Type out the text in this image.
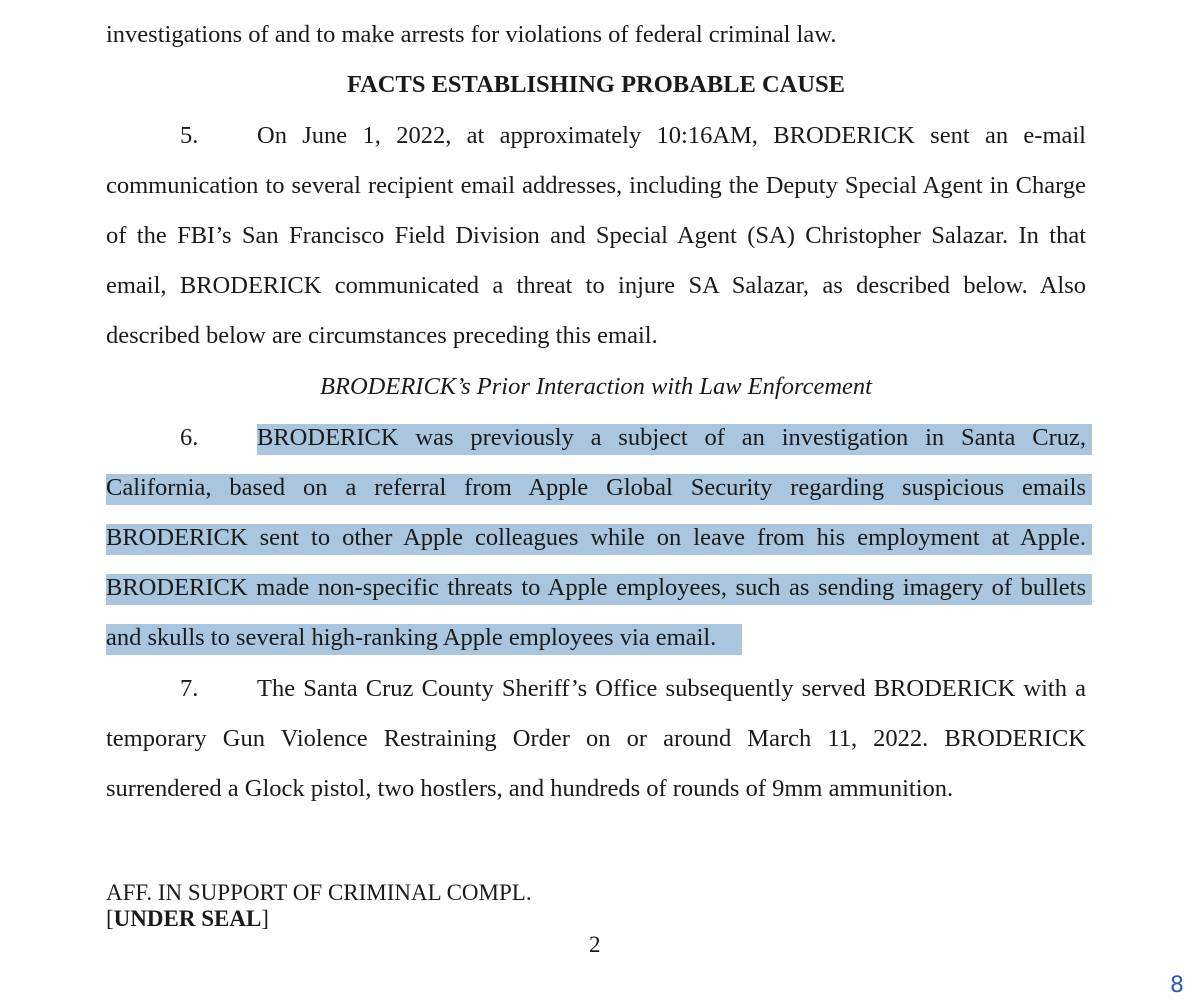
investigations of and to make arrests for violations of federal criminal law.
FACTS ESTABLISHING PROBABLE CAUSE
5. On June 1, 2022, at approximately 10:16AM, BRODERICK sent an e-mail
communication to several recipient email addresses, including the Deputy Special Agent in Charge
of the FBI’s San Francisco Field Division and Special Agent (SA) Christopher Salazar. In that
email, BRODERICK communicated a threat to injure SA Salazar, as described below. Also
described below are circumstances preceding this email.
BRODERICK’s Prior Interaction with Law Enforcement
6. BRODERICK was previously a subject of an investigation in Santa Cruz,
California, based on a referral from Apple Global Security regarding suspicious emails
BRODERICK sent to other Apple colleagues while on leave from his employment at Apple.
BRODERICK made non-specific threats to Apple employees, such as sending imagery of bullets
and skulls to several high-ranking Apple employees via email.
7. The Santa Cruz County Sheriff’s Office subsequently served BRODERICK with a
temporary Gun Violence Restraining Order on or around March 11, 2022. BRODERICK
surrendered a Glock pistol, two hostlers, and hundreds of rounds of 9mm ammunition.
AFF. IN SUPPORT OF CRIMINAL COMPL.
[UNDER SEAL]
2
8
